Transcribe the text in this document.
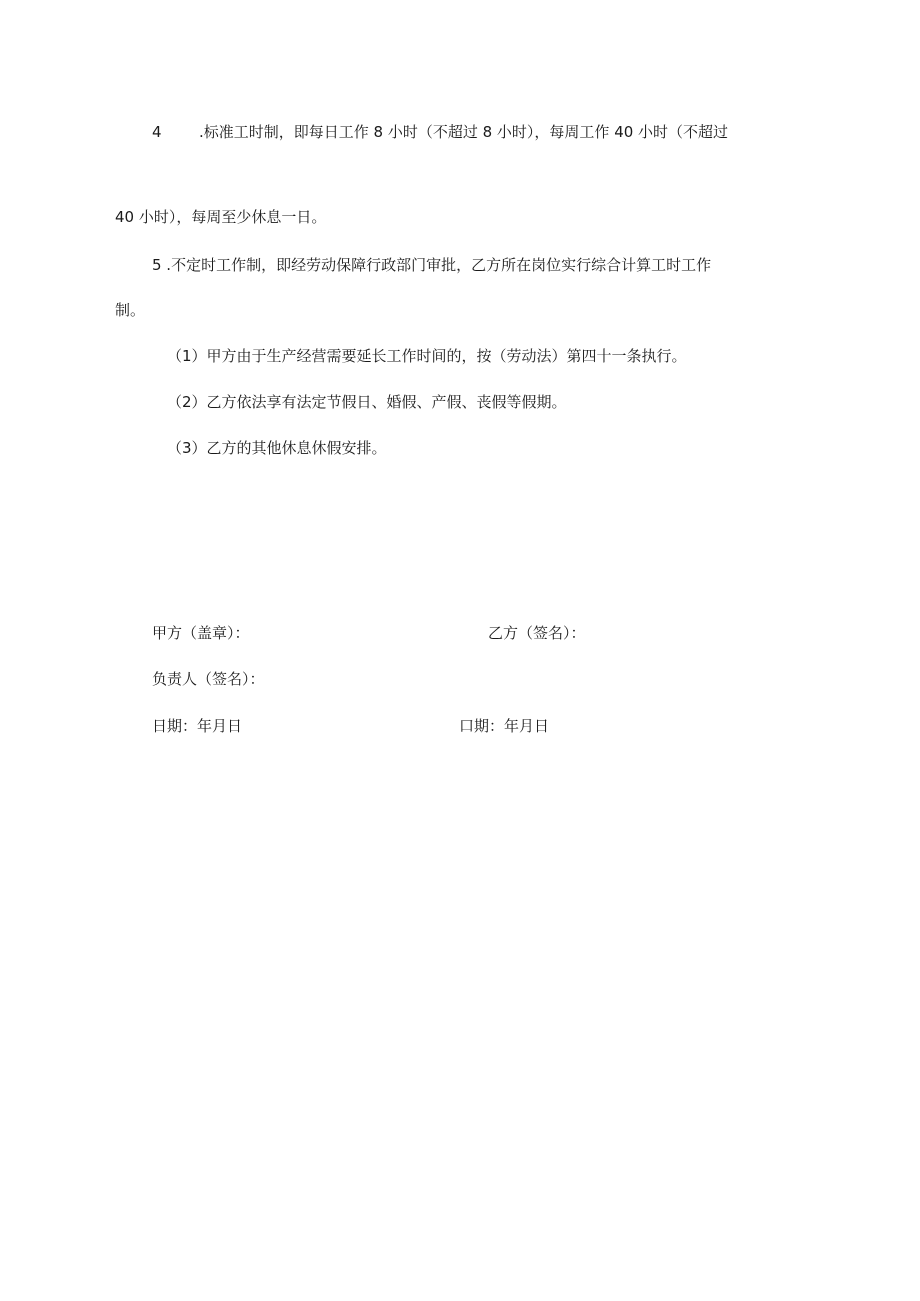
4 .标准工时制，即每日工作 8 小时（不超过 8 小时），每周工作 40 小时（不超过
40 小时），每周至少休息一日。
5 .不定时工作制，即经劳动保障行政部门审批，乙方所在岗位实行综合计算工时工作
制。
（1）甲方由于生产经营需要延长工作时间的，按（劳动法）第四十一条执行。
（2）乙方依法享有法定节假日、婚假、产假、丧假等假期。
（3）乙方的其他休息休假安排。
甲方（盖章）：	乙方（签名）：
负责人（签名）：
日期：年月日	口期：年月日
